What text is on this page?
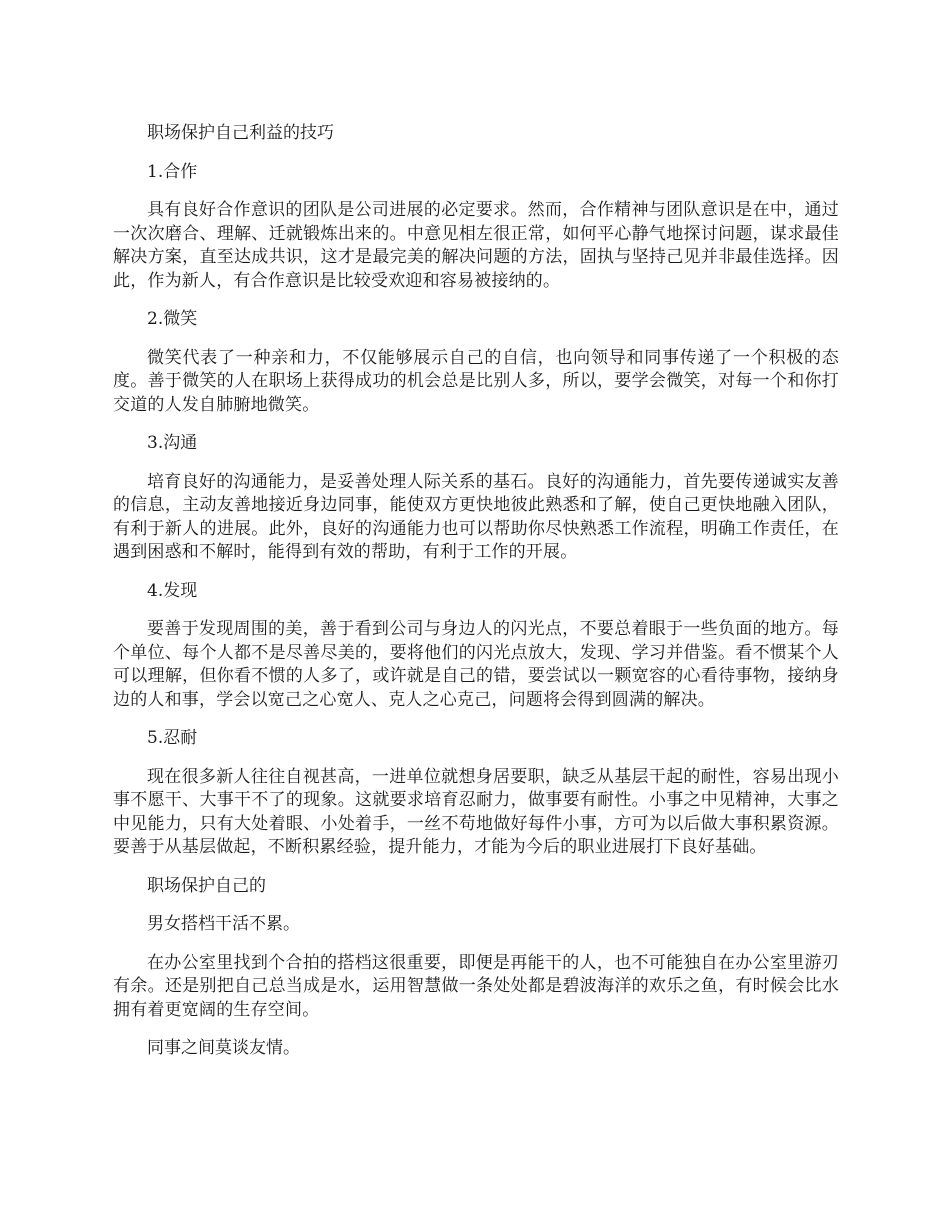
职场保护自己利益的技巧

1.合作

具有良好合作意识的团队是公司进展的必定要求。然而，合作精神与团队意识是在中，通过一次次磨合、理解、迁就锻炼出来的。中意见相左很正常，如何平心静气地探讨问题，谋求最佳解决方案，直至达成共识，这才是最完美的解决问题的方法，固执与坚持己见并非最佳选择。因此，作为新人，有合作意识是比较受欢迎和容易被接纳的。

2.微笑

微笑代表了一种亲和力，不仅能够展示自己的自信，也向领导和同事传递了一个积极的态度。善于微笑的人在职场上获得成功的机会总是比别人多，所以，要学会微笑，对每一个和你打交道的人发自肺腑地微笑。

3.沟通

培育良好的沟通能力，是妥善处理人际关系的基石。良好的沟通能力，首先要传递诚实友善的信息，主动友善地接近身边同事，能使双方更快地彼此熟悉和了解，使自己更快地融入团队，有利于新人的进展。此外，良好的沟通能力也可以帮助你尽快熟悉工作流程，明确工作责任，在遇到困惑和不解时，能得到有效的帮助，有利于工作的开展。

4.发现

要善于发现周围的美，善于看到公司与身边人的闪光点，不要总着眼于一些负面的地方。每个单位、每个人都不是尽善尽美的，要将他们的闪光点放大，发现、学习并借鉴。看不惯某个人可以理解，但你看不惯的人多了，或许就是自己的错，要尝试以一颗宽容的心看待事物，接纳身边的人和事，学会以宽己之心宽人、克人之心克己，问题将会得到圆满的解决。

5.忍耐

现在很多新人往往自视甚高，一进单位就想身居要职，缺乏从基层干起的耐性，容易出现小事不愿干、大事干不了的现象。这就要求培育忍耐力，做事要有耐性。小事之中见精神，大事之中见能力，只有大处着眼、小处着手，一丝不苟地做好每件小事，方可为以后做大事积累资源。要善于从基层做起，不断积累经验，提升能力，才能为今后的职业进展打下良好基础。

职场保护自己的

男女搭档干活不累。

在办公室里找到个合拍的搭档这很重要，即便是再能干的人，也不可能独自在办公室里游刃有余。还是别把自己总当成是水，运用智慧做一条处处都是碧波海洋的欢乐之鱼，有时候会比水拥有着更宽阔的生存空间。

同事之间莫谈友情。
